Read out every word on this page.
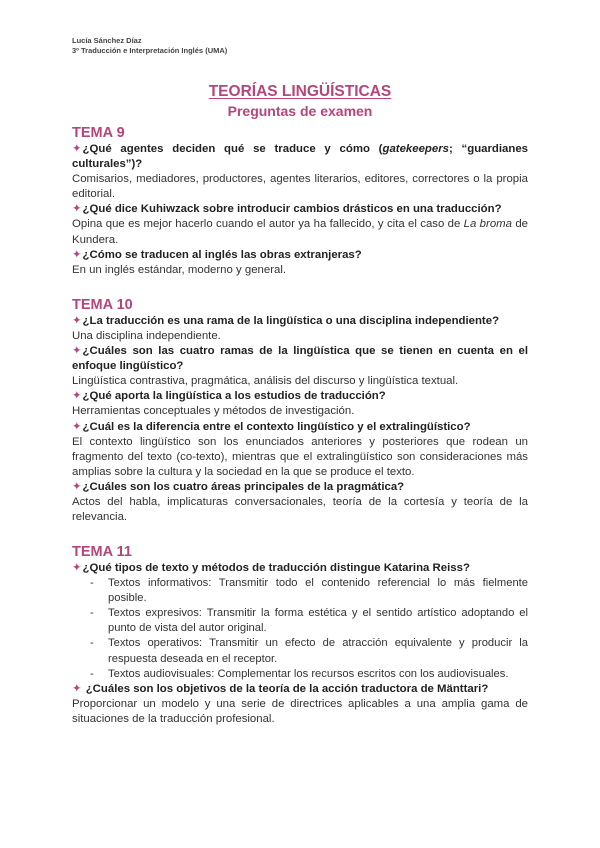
Lucía Sánchez Díaz
3º Traducción e Interpretación Inglés (UMA)
TEORÍAS LINGÜÍSTICAS
Preguntas de examen
TEMA 9
✦¿Qué agentes deciden qué se traduce y cómo (gatekeepers; “guardianes culturales”)?
Comisarios, mediadores, productores, agentes literarios, editores, correctores o la propia editorial.
✦¿Qué dice Kuhiwzack sobre introducir cambios drásticos en una traducción?
Opina que es mejor hacerlo cuando el autor ya ha fallecido, y cita el caso de La broma de Kundera.
✦¿Cómo se traducen al inglés las obras extranjeras?
En un inglés estándar, moderno y general.
TEMA 10
✦¿La traducción es una rama de la lingüística o una disciplina independiente?
Una disciplina independiente.
✦¿Cuáles son las cuatro ramas de la lingüística que se tienen en cuenta en el enfoque lingüístico?
Lingüística contrastiva, pragmática, análisis del discurso y lingüística textual.
✦¿Qué aporta la lingüística a los estudios de traducción?
Herramientas conceptuales y métodos de investigación.
✦¿Cuál es la diferencia entre el contexto lingüístico y el extralingüístico?
El contexto lingüístico son los enunciados anteriores y posteriores que rodean un fragmento del texto (co-texto), mientras que el extralingüístico son consideraciones más amplias sobre la cultura y la sociedad en la que se produce el texto.
✦¿Cuáles son los cuatro áreas principales de la pragmática?
Actos del habla, implicaturas conversacionales, teoría de la cortesía y teoría de la relevancia.
TEMA 11
✦¿Qué tipos de texto y métodos de traducción distingue Katarina Reiss?
- Textos informativos: Transmitir todo el contenido referencial lo más fielmente posible.
- Textos expresivos: Transmitir la forma estética y el sentido artístico adoptando el punto de vista del autor original.
- Textos operativos: Transmitir un efecto de atracción equivalente y producir la respuesta deseada en el receptor.
- Textos audiovisuales: Complementar los recursos escritos con los audiovisuales.
✦ ¿Cuáles son los objetivos de la teoría de la acción traductora de Mänttari?
Proporcionar un modelo y una serie de directrices aplicables a una amplia gama de situaciones de la traducción profesional.
